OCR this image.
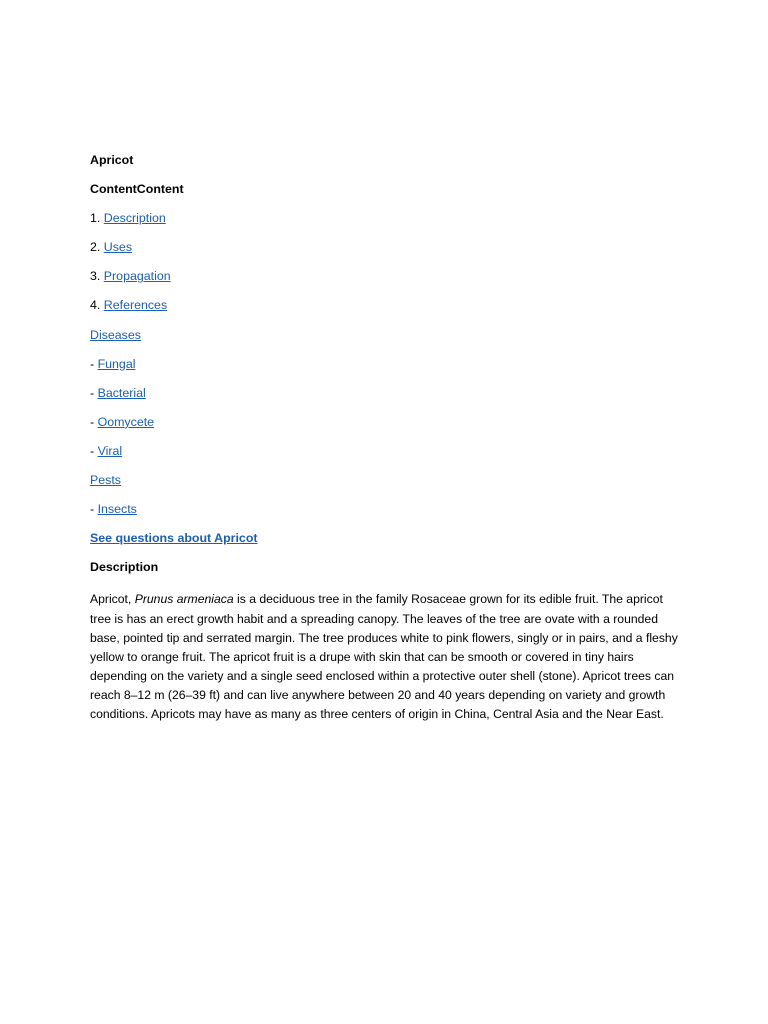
Apricot
ContentContent
1. Description
2. Uses
3. Propagation
4. References
Diseases
- Fungal
- Bacterial
- Oomycete
- Viral
Pests
- Insects
See questions about Apricot
Description

Apricot, Prunus armeniaca is a deciduous tree in the family Rosaceae grown for its edible fruit. The apricot tree is has an erect growth habit and a spreading canopy. The leaves of the tree are ovate with a rounded base, pointed tip and serrated margin. The tree produces white to pink flowers, singly or in pairs, and a fleshy yellow to orange fruit. The apricot fruit is a drupe with skin that can be smooth or covered in tiny hairs depending on the variety and a single seed enclosed within a protective outer shell (stone). Apricot trees can reach 8–12 m (26–39 ft) and can live anywhere between 20 and 40 years depending on variety and growth conditions. Apricots may have as many as three centers of origin in China, Central Asia and the Near East.
